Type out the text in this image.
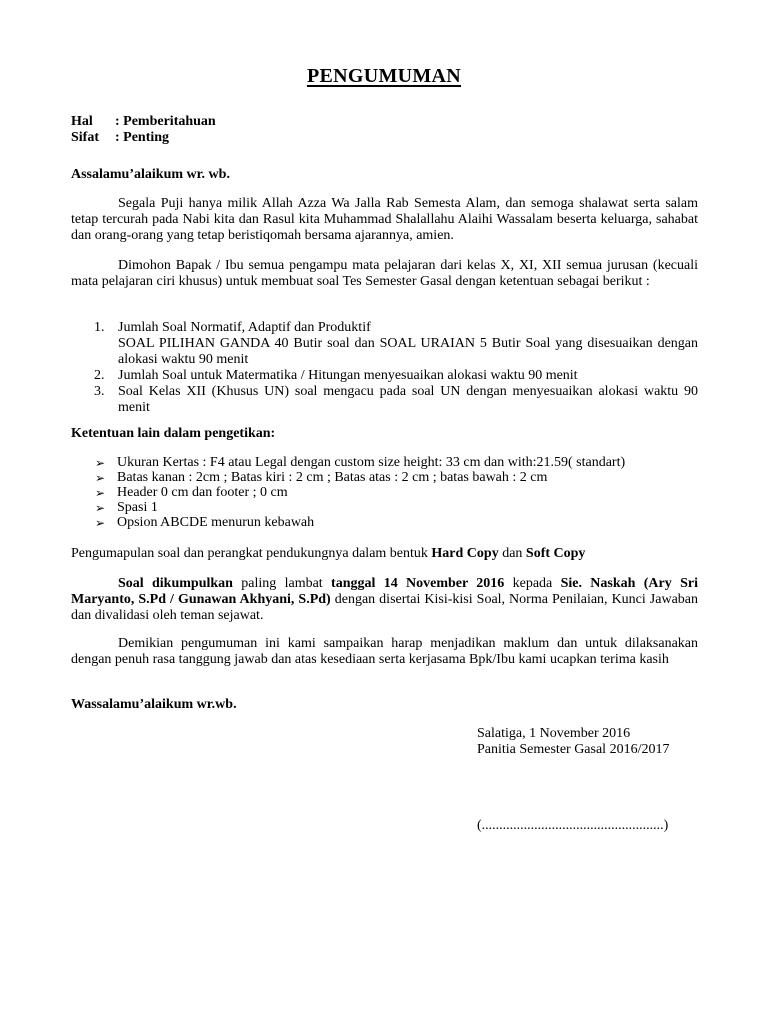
PENGUMUMAN
Hal : Pemberitahuan
Sifat : Penting
Assalamu’alaikum wr. wb.
Segala Puji hanya milik Allah Azza Wa Jalla Rab Semesta Alam, dan semoga shalawat serta salam tetap tercurah pada Nabi kita dan Rasul kita Muhammad Shalallahu Alaihi Wassalam beserta keluarga, sahabat dan orang-orang yang tetap beristiqomah bersama ajarannya, amien.
Dimohon Bapak / Ibu semua pengampu mata pelajaran dari kelas X, XI, XII semua jurusan (kecuali mata pelajaran ciri khusus) untuk membuat soal Tes Semester Gasal dengan ketentuan sebagai berikut :
1. Jumlah Soal Normatif, Adaptif dan Produktif
SOAL PILIHAN GANDA 40 Butir soal dan SOAL URAIAN 5 Butir Soal yang disesuaikan dengan alokasi waktu 90 menit
2. Jumlah Soal untuk Matermatika / Hitungan menyesuaikan alokasi waktu 90 menit
3. Soal Kelas XII (Khusus UN) soal mengacu pada soal UN dengan menyesuaikan alokasi waktu 90 menit
Ketentuan lain dalam pengetikan:
➢ Ukuran Kertas : F4 atau Legal dengan custom size height: 33 cm dan with:21.59( standart)
➢ Batas kanan : 2cm ; Batas kiri : 2 cm ; Batas atas : 2 cm ; batas bawah : 2 cm
➢ Header 0 cm dan footer ; 0 cm
➢ Spasi 1
➢ Opsion ABCDE menurun kebawah
Pengumapulan soal dan perangkat pendukungnya dalam bentuk Hard Copy dan Soft Copy
Soal dikumpulkan paling lambat tanggal 14 November 2016 kepada Sie. Naskah (Ary Sri Maryanto, S.Pd / Gunawan Akhyani, S.Pd) dengan disertai Kisi-kisi Soal, Norma Penilaian, Kunci Jawaban dan divalidasi oleh teman sejawat.
Demikian pengumuman ini kami sampaikan harap menjadikan maklum dan untuk dilaksanakan dengan penuh rasa tanggung jawab dan atas kesediaan serta kerjasama Bpk/Ibu kami ucapkan terima kasih
Wassalamu’alaikum wr.wb.
Salatiga, 1 November 2016
Panitia Semester Gasal 2016/2017
(....................................................)
